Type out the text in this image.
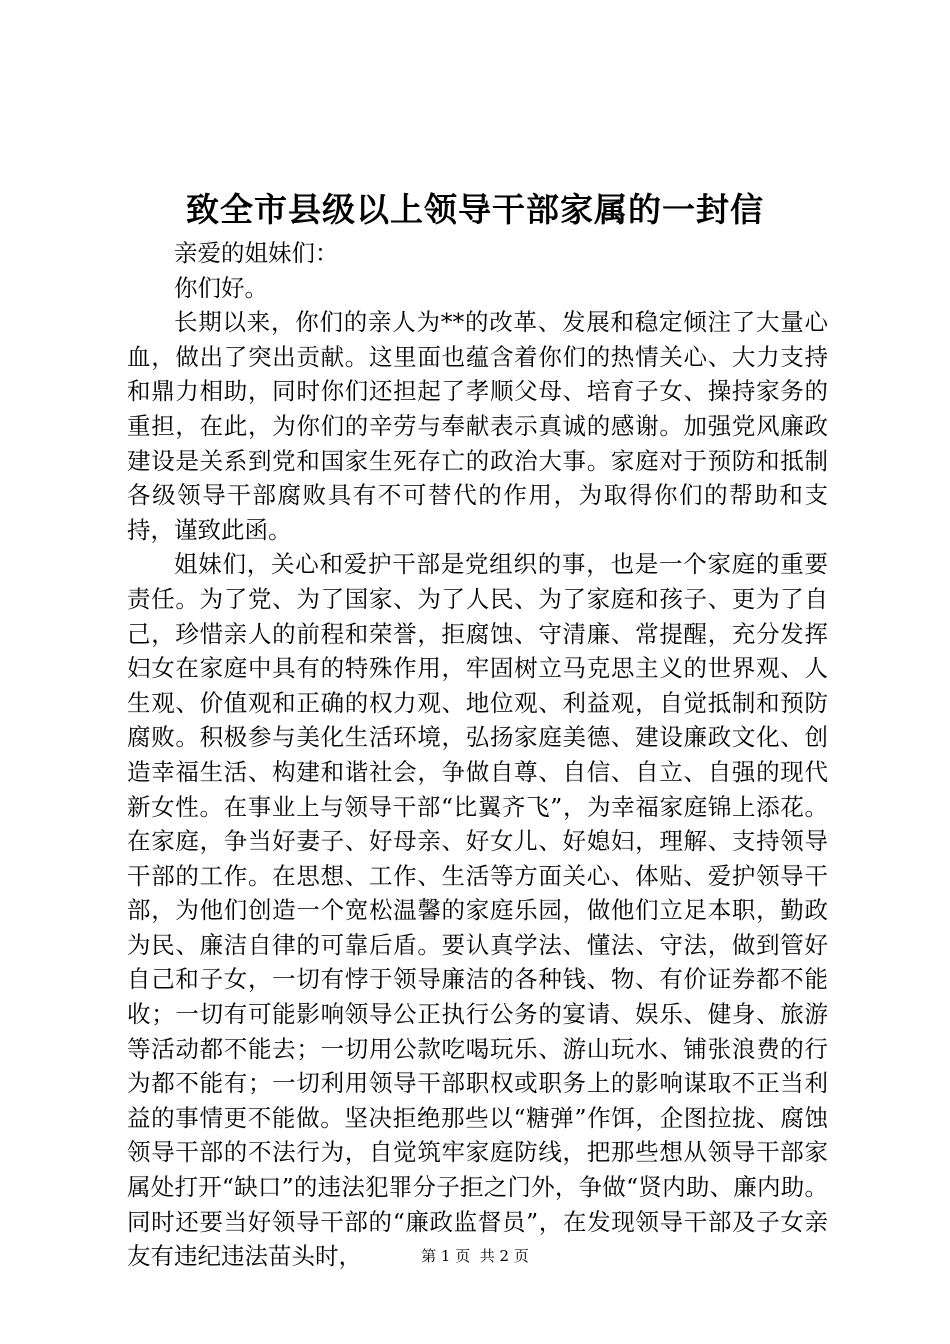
致全市县级以上领导干部家属的一封信

亲爱的姐妹们：

你们好。

长期以来，你们的亲人为**的改革、发展和稳定倾注了大量心血，做出了突出贡献。这里面也蕴含着你们的热情关心、大力支持和鼎力相助，同时你们还担起了孝顺父母、培育子女、操持家务的重担，在此，为你们的辛劳与奉献表示真诚的感谢。加强党风廉政建设是关系到党和国家生死存亡的政治大事。家庭对于预防和抵制各级领导干部腐败具有不可替代的作用，为取得你们的帮助和支持，谨致此函。

姐妹们，关心和爱护干部是党组织的事，也是一个家庭的重要责任。为了党、为了国家、为了人民、为了家庭和孩子、更为了自己，珍惜亲人的前程和荣誉，拒腐蚀、守清廉、常提醒，充分发挥妇女在家庭中具有的特殊作用，牢固树立马克思主义的世界观、人生观、价值观和正确的权力观、地位观、利益观，自觉抵制和预防腐败。积极参与美化生活环境，弘扬家庭美德、建设廉政文化、创造幸福生活、构建和谐社会，争做自尊、自信、自立、自强的现代新女性。在事业上与领导干部“比翼齐飞”，为幸福家庭锦上添花。在家庭，争当好妻子、好母亲、好女儿、好媳妇，理解、支持领导干部的工作。在思想、工作、生活等方面关心、体贴、爱护领导干部，为他们创造一个宽松温馨的家庭乐园，做他们立足本职，勤政为民、廉洁自律的可靠后盾。要认真学法、懂法、守法，做到管好自己和子女，一切有悖于领导廉洁的各种钱、物、有价证券都不能收；一切有可能影响领导公正执行公务的宴请、娱乐、健身、旅游等活动都不能去；一切用公款吃喝玩乐、游山玩水、铺张浪费的行为都不能有；一切利用领导干部职权或职务上的影响谋取不正当利益的事情更不能做。坚决拒绝那些以“糖弹”作饵，企图拉拢、腐蚀领导干部的不法行为，自觉筑牢家庭防线，把那些想从领导干部家属处打开“缺口”的违法犯罪分子拒之门外，争做“贤内助、廉内助。同时还要当好领导干部的“廉政监督员”，在发现领导干部及子女亲友有违纪违法苗头时，	第 1 页  共 2 页
